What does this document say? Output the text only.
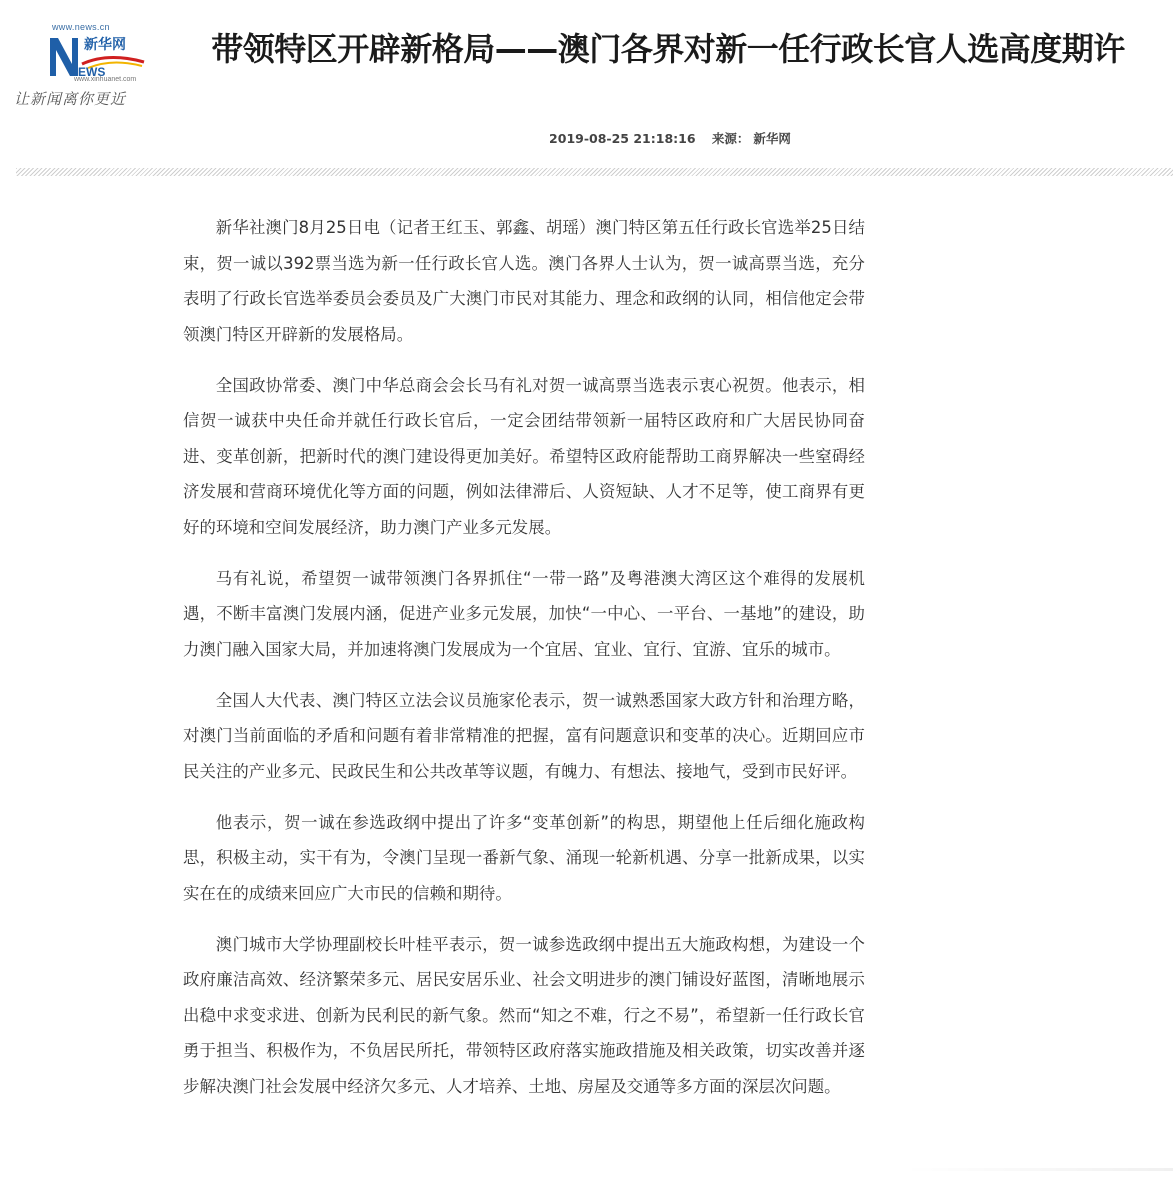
www.news.cn
新华网
EWS
www.xinhuanet.com
让新闻离你更近
带领特区开辟新格局——澳门各界对新一任行政长官人选高度期许
2019-08-25 21:18:16 来源： 新华网

新华社澳门8月25日电（记者王红玉、郭鑫、胡瑶）澳门特区第五任行政长官选举25日结束，贺一诚以392票当选为新一任行政长官人选。澳门各界人士认为，贺一诚高票当选，充分表明了行政长官选举委员会委员及广大澳门市民对其能力、理念和政纲的认同，相信他定会带领澳门特区开辟新的发展格局。

全国政协常委、澳门中华总商会会长马有礼对贺一诚高票当选表示衷心祝贺。他表示，相信贺一诚获中央任命并就任行政长官后，一定会团结带领新一届特区政府和广大居民协同奋进、变革创新，把新时代的澳门建设得更加美好。希望特区政府能帮助工商界解决一些窒碍经济发展和营商环境优化等方面的问题，例如法律滞后、人资短缺、人才不足等，使工商界有更好的环境和空间发展经济，助力澳门产业多元发展。

马有礼说，希望贺一诚带领澳门各界抓住“一带一路”及粤港澳大湾区这个难得的发展机遇，不断丰富澳门发展内涵，促进产业多元发展，加快“一中心、一平台、一基地”的建设，助力澳门融入国家大局，并加速将澳门发展成为一个宜居、宜业、宜行、宜游、宜乐的城市。

全国人大代表、澳门特区立法会议员施家伦表示，贺一诚熟悉国家大政方针和治理方略，对澳门当前面临的矛盾和问题有着非常精准的把握，富有问题意识和变革的决心。近期回应市民关注的产业多元、民政民生和公共改革等议题，有魄力、有想法、接地气，受到市民好评。

他表示，贺一诚在参选政纲中提出了许多“变革创新”的构思，期望他上任后细化施政构思，积极主动，实干有为，令澳门呈现一番新气象、涌现一轮新机遇、分享一批新成果，以实实在在的成绩来回应广大市民的信赖和期待。

澳门城市大学协理副校长叶桂平表示，贺一诚参选政纲中提出五大施政构想，为建设一个政府廉洁高效、经济繁荣多元、居民安居乐业、社会文明进步的澳门铺设好蓝图，清晰地展示出稳中求变求进、创新为民利民的新气象。然而“知之不难，行之不易”，希望新一任行政长官勇于担当、积极作为，不负居民所托，带领特区政府落实施政措施及相关政策，切实改善并逐步解决澳门社会发展中经济欠多元、人才培养、土地、房屋及交通等多方面的深层次问题。
